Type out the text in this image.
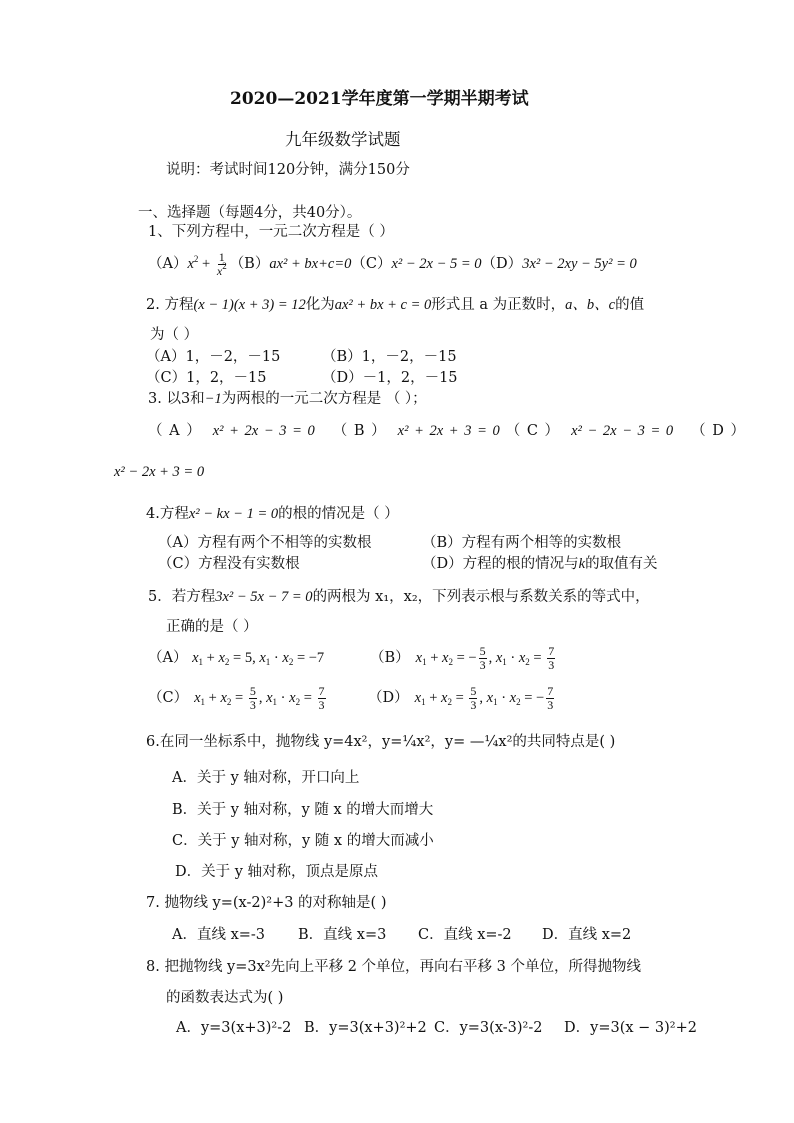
2020—2021学年度第一学期半期考试
九年级数学试题
说明：考试时间120分钟，满分150分
一、选择题（每题4分，共40分）。
1、下列方程中，一元二次方程是（ ）
（A） $x^2 + \frac{1}{x^2} (B) ax^2 + bx+c=0$ （C） x² − 2x − 5 = 0 （D） 3x² − 2xy − 5y² = 0
2. 方程(x − 1)(x + 3) = 12化为ax² + bx + c = 0形式且 a 为正数时，a、b、c的值
为（ ）
（A）1，－2，－15	（B）1，－2，－15
（C）1，2，－15	（D）－1，2，－15
3. 以3和−1为两根的一元二次方程是 （ ）；
（ A ） x² + 2x − 3 = 0 （ B ） x² + 2x + 3 = 0 （ C ） x² − 2x − 3 = 0 （ D ）
x² − 2x + 3 = 0
4.方程x² − kx − 1 = 0的根的情况是（ ）
（A）方程有两个不相等的实数根	（B）方程有两个相等的实数根
（C）方程没有实数根	（D）方程的根的情况与k的取值有关
5．若方程3x² − 5x − 7 = 0的两根为 x₁，x₂，下列表示根与系数关系的等式中，
正确的是（ ）
（A） $x_1 + x_2 = 5$, $x_1 \cdot x_2 = -7$	（B） $x_1 + x_2$ = − $\frac{5}{3}$ , $x_1 \cdot x_2 = \frac{7}{3}$
（C） $x_1 + x_2 = \frac{5}{3}$ , $x_1 \cdot x_2 = \frac{7}{3}$	（D） $x_1 + x_2 = \frac{5}{3}$ , $x_1 \cdot x_2$ = − $\frac{7}{3}$
6.在同一坐标系中，抛物线 y=4x²，y=¼x²，y= —¼x²的共同特点是( )
A．关于 y 轴对称，开口向上
B．关于 y 轴对称，y 随 x 的增大而增大
C．关于 y 轴对称，y 随 x 的增大而减小
D．关于 y 轴对称，顶点是原点
7. 抛物线 y=(x-2)²+3 的对称轴是( )
A．直线 x=-3 B．直线 x=3 C．直线 x=-2 D．直线 x=2
8. 把抛物线 y=3x²先向上平移 2 个单位，再向右平移 3 个单位，所得抛物线
的函数表达式为( )
A．y=3(x+3)²-2 B．y=3(x+3)²+2 C．y=3(x-3)²-2 D．y=3(x − 3)²+2
